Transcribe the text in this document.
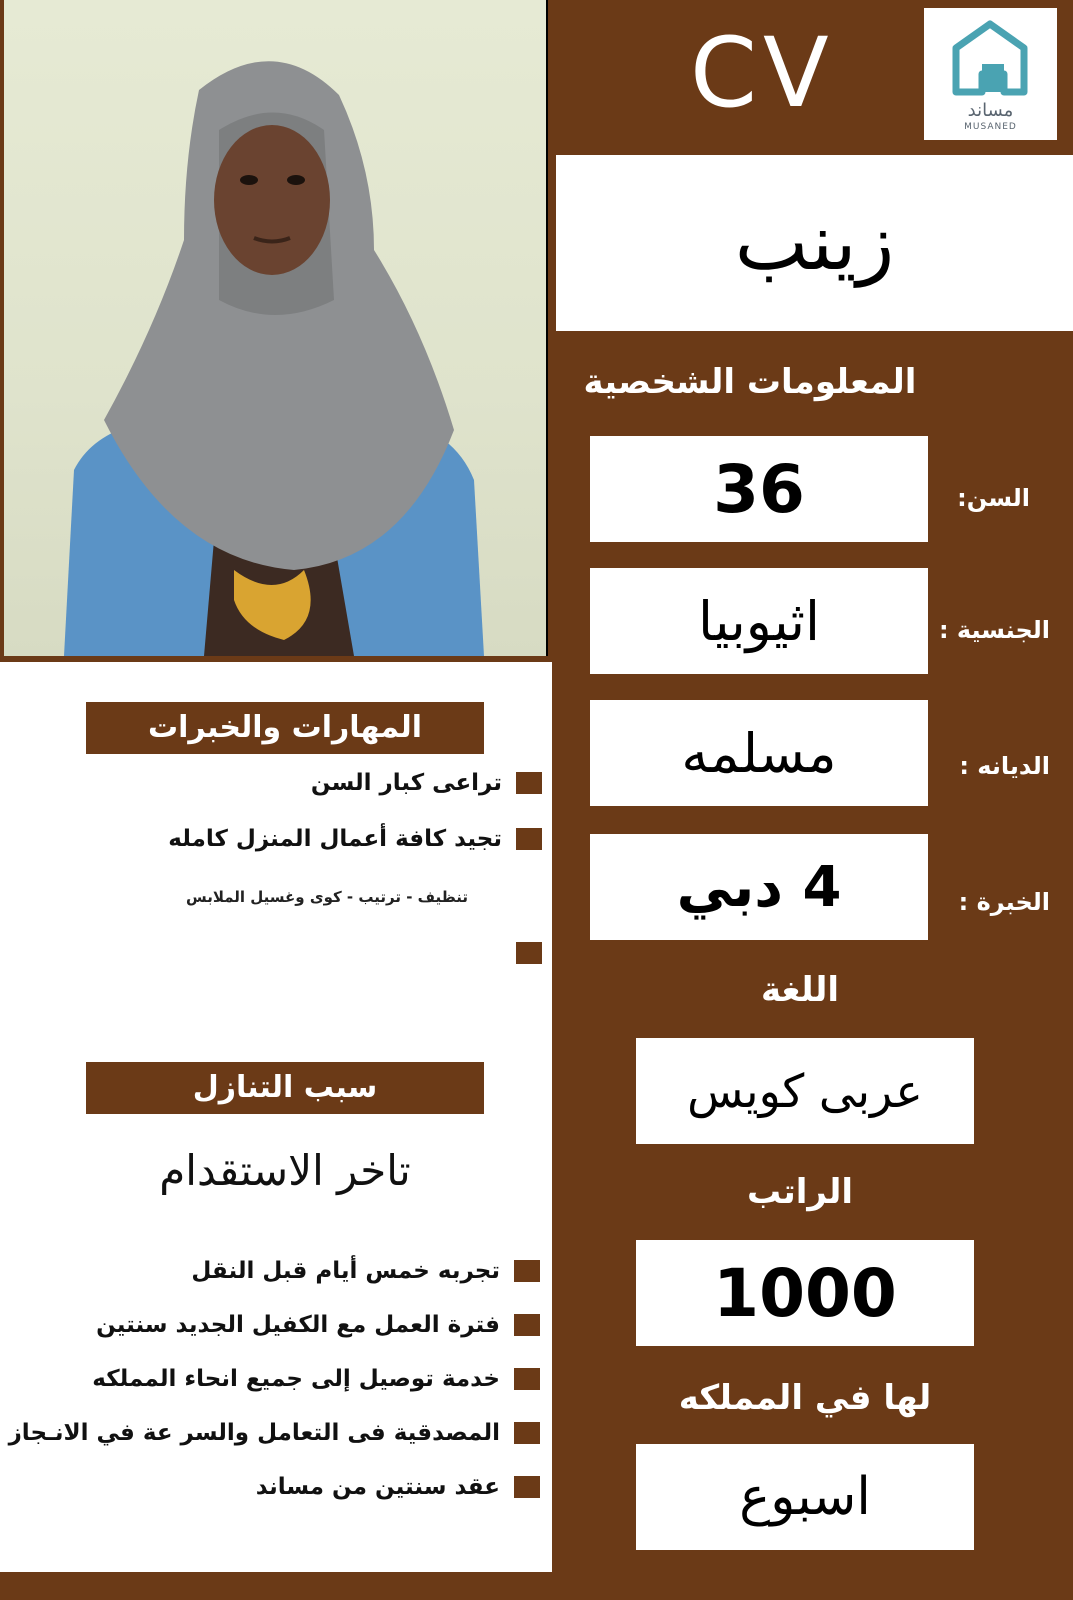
CV	مساند
MUSANED
زينب
المعلومات الشخصية
36	السن:
اثيوبيا	الجنسية :
مسلمه	الديانه :
4 دبي	الخبرة :
اللغة
عربى كويس
الراتب
1000
لها في المملكه
اسبوع
المهارات والخبرات
تراعى كبار السن
تجيد كافة أعمال المنزل كامله
تنظيف - ترتيب - كوى وغسيل الملابس
سبب التنازل
تاخر الاستقدام
تجربه خمس أيام قبل النقل
فترة العمل مع الكفيل الجديد سنتين
خدمة توصيل إلى جميع انحاء المملكه
المصدقية فى التعامل والسر عة في الانـجاز
عقد سنتين من مساند
